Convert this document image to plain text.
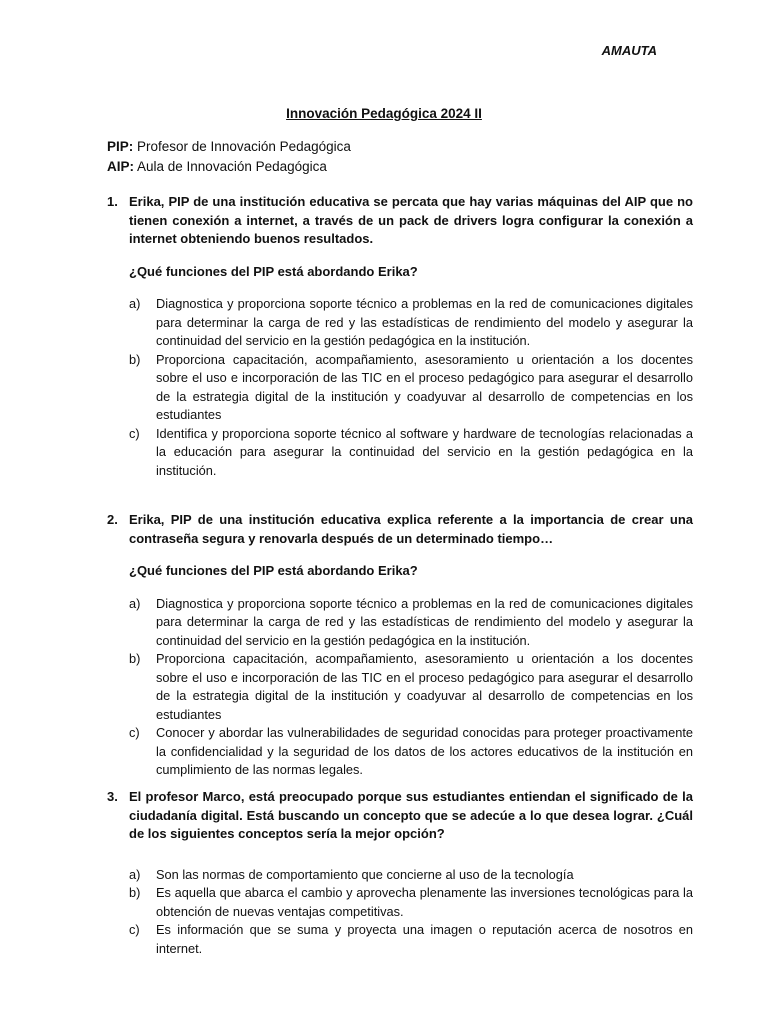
AMAUTA
Innovación Pedagógica 2024 II
PIP: Profesor de Innovación Pedagógica
AIP: Aula de Innovación Pedagógica
1. Erika, PIP de una institución educativa se percata que hay varias máquinas del AIP que no tienen conexión a internet, a través de un pack de drivers logra configurar la conexión a internet obteniendo buenos resultados.
¿Qué funciones del PIP está abordando Erika?
a)	Diagnostica y proporciona soporte técnico a problemas en la red de comunicaciones digitales para determinar la carga de red y las estadísticas de rendimiento del modelo y asegurar la continuidad del servicio en la gestión pedagógica en la institución.
b)	Proporciona capacitación, acompañamiento, asesoramiento u orientación a los docentes sobre el uso e incorporación de las TIC en el proceso pedagógico para asegurar el desarrollo de la estrategia digital de la institución y coadyuvar al desarrollo de competencias en los estudiantes
c)	Identifica y proporciona soporte técnico al software y hardware de tecnologías relacionadas a la educación para asegurar la continuidad del servicio en la gestión pedagógica en la institución.
2. Erika, PIP de una institución educativa explica referente a la importancia de crear una contraseña segura y renovarla después de un determinado tiempo…
¿Qué funciones del PIP está abordando Erika?
a)	Diagnostica y proporciona soporte técnico a problemas en la red de comunicaciones digitales para determinar la carga de red y las estadísticas de rendimiento del modelo y asegurar la continuidad del servicio en la gestión pedagógica en la institución.
b)	Proporciona capacitación, acompañamiento, asesoramiento u orientación a los docentes sobre el uso e incorporación de las TIC en el proceso pedagógico para asegurar el desarrollo de la estrategia digital de la institución y coadyuvar al desarrollo de competencias en los estudiantes
c)	Conocer y abordar las vulnerabilidades de seguridad conocidas para proteger proactivamente la confidencialidad y la seguridad de los datos de los actores educativos de la institución en cumplimiento de las normas legales.
3. El profesor Marco, está preocupado porque sus estudiantes entiendan el significado de la ciudadanía digital. Está buscando un concepto que se adecúe a lo que desea lograr. ¿Cuál de los siguientes conceptos sería la mejor opción?
a)	Son las normas de comportamiento que concierne al uso de la tecnología
b)	Es aquella que abarca el cambio y aprovecha plenamente las inversiones tecnológicas para la obtención de nuevas ventajas competitivas.
c)	Es información que se suma y proyecta una imagen o reputación acerca de nosotros en internet.
